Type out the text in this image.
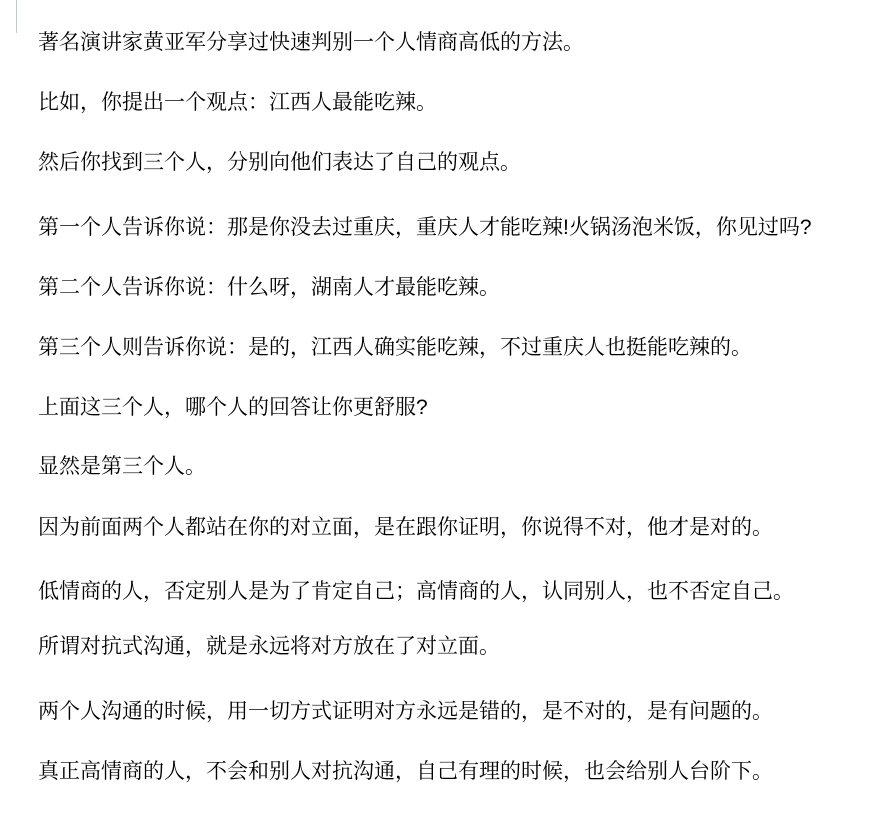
著名演讲家黄亚军分享过快速判别一个人情商高低的方法。

比如，你提出一个观点：江西人最能吃辣。

然后你找到三个人，分别向他们表达了自己的观点。

第一个人告诉你说：那是你没去过重庆，重庆人才能吃辣!火锅汤泡米饭，你见过吗?

第二个人告诉你说：什么呀，湖南人才最能吃辣。

第三个人则告诉你说：是的，江西人确实能吃辣，不过重庆人也挺能吃辣的。

上面这三个人，哪个人的回答让你更舒服?

显然是第三个人。

因为前面两个人都站在你的对立面，是在跟你证明，你说得不对，他才是对的。

低情商的人，否定别人是为了肯定自己；高情商的人，认同别人，也不否定自己。

所谓对抗式沟通，就是永远将对方放在了对立面。

两个人沟通的时候，用一切方式证明对方永远是错的，是不对的，是有问题的。

真正高情商的人，不会和别人对抗沟通，自己有理的时候，也会给别人台阶下。
